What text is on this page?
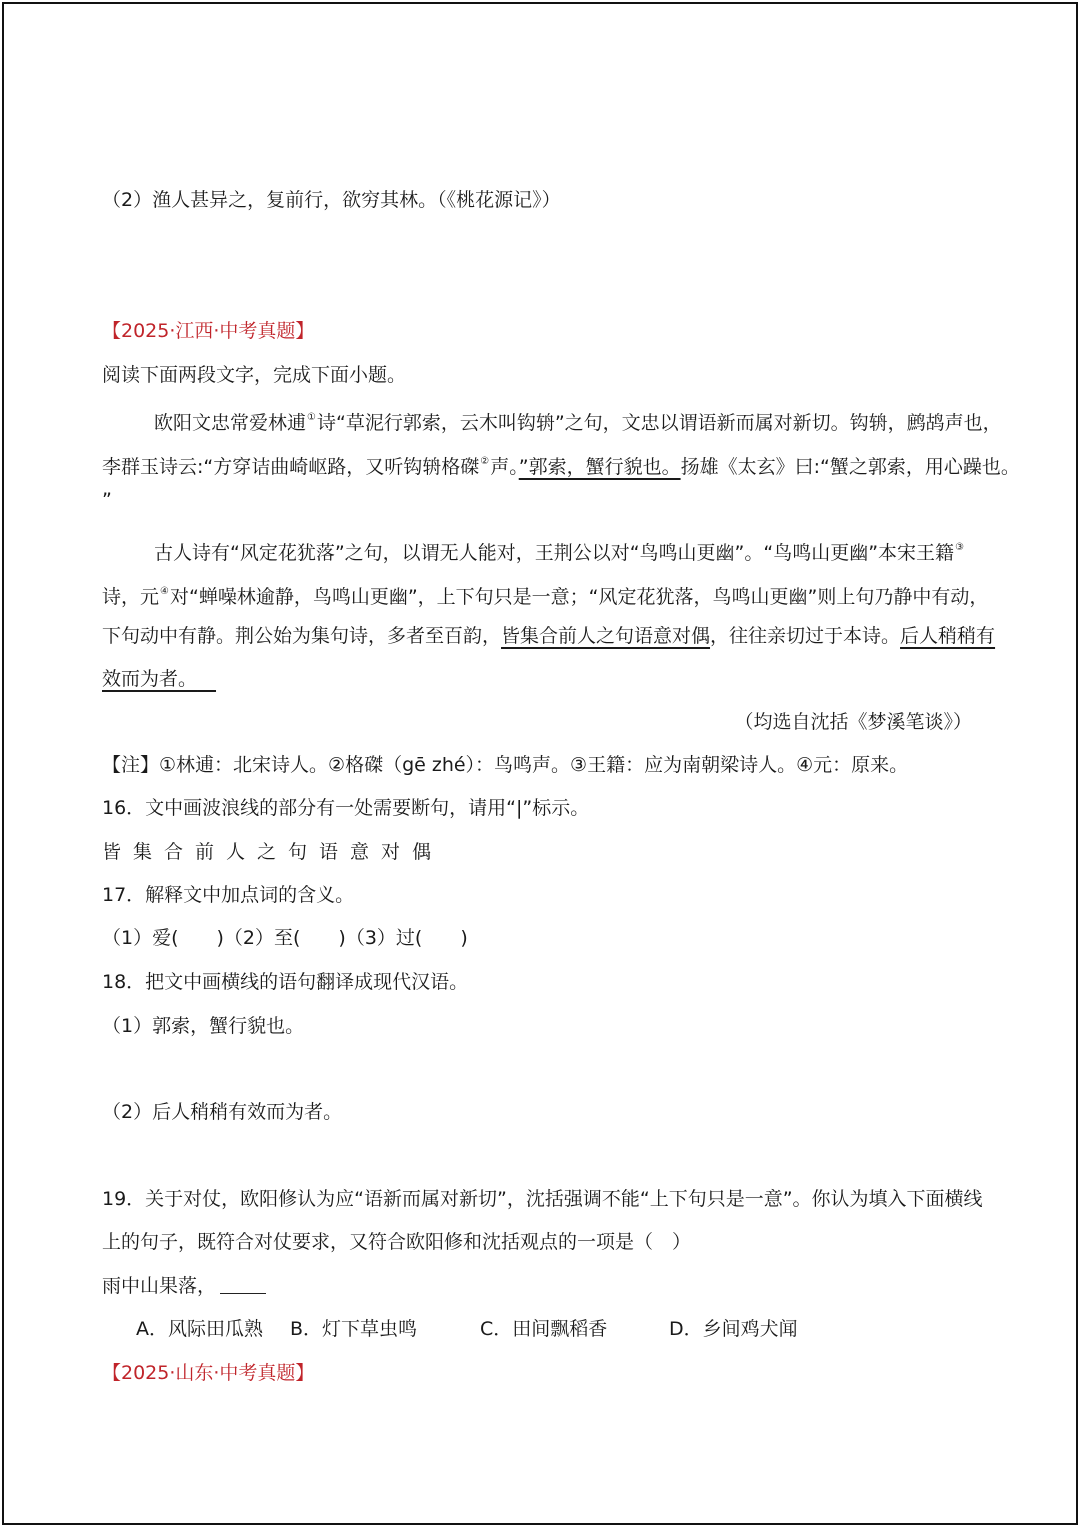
（2）渔人甚异之，复前行，欲穷其林。（《桃花源记》）
【2025·江西·中考真题】
阅读下面两段文字，完成下面小题。
欧阳文忠常爱林逋①诗“草泥行郭索，云木叫钩辀”之句，文忠以谓语新而属对新切。钩辀，鹧鸪声也，
李群玉诗云:“方穿诘曲崎岖路，又听钩辀格磔②声。”郭索，蟹行貌也。扬雄《太玄》曰:“蟹之郭索，用心躁也。
”
古人诗有“风定花犹落”之句，以谓无人能对，王荆公以对“鸟鸣山更幽”。“鸟鸣山更幽”本宋王籍③
诗，元④对“蝉噪林逾静，鸟鸣山更幽”，上下句只是一意；“风定花犹落，鸟鸣山更幽”则上句乃静中有动，
下句动中有静。荆公始为集句诗，多者至百韵，皆集合前人之句语意对偶，往往亲切过于本诗。后人稍稍有
效而为者。 
（均选自沈括《梦溪笔谈》）
【注】①林逋：北宋诗人。②格磔（gē zhé）：鸟鸣声。③王籍：应为南朝梁诗人。④元：原来。
16．文中画波浪线的部分有一处需要断句，请用“|”标示。
皆集合前人之句语意对偶
17．解释文中加点词的含义。
（1）爱(　　)（2）至(　　)（3）过(　　)
18．把文中画横线的语句翻译成现代汉语。
（1）郭索，蟹行貌也。
（2）后人稍稍有效而为者。
19．关于对仗，欧阳修认为应“语新而属对新切”，沈括强调不能“上下句只是一意”。你认为填入下面横线
上的句子，既符合对仗要求，又符合欧阳修和沈括观点的一项是（　）
雨中山果落，
A．风际田瓜熟	B．灯下草虫鸣	C．田间飘稻香	D．乡间鸡犬闻
【2025·山东·中考真题】
